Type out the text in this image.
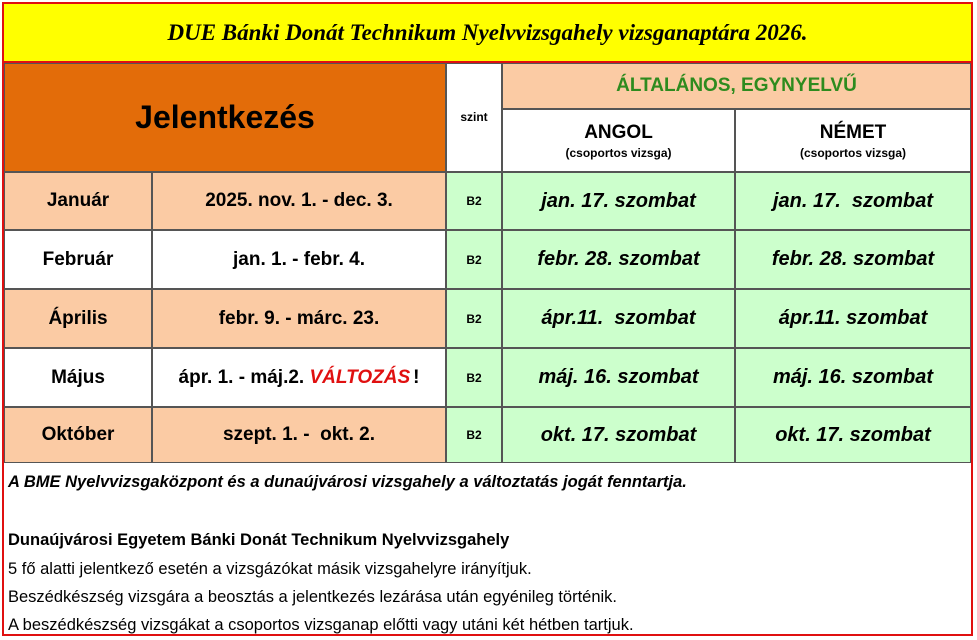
DUE Bánki Donát Technikum Nyelvvizsgahely vizsganaptára 2026.
Jelentkezés	szint
ÁLTALÁNOS, EGYNYELVŰ
ANGOL
(csoportos vizsga)
NÉMET
(csoportos vizsga)
Január	2025. nov. 1. - dec. 3.	B2	jan. 17. szombat	jan. 17.  szombat
Február	jan. 1. - febr. 4.	B2	febr. 28. szombat	febr. 28. szombat
Április	febr. 9. - márc. 23.	B2	ápr.11.  szombat	ápr.11. szombat
Május	ápr. 1. - máj.2. VÁLTOZÁS !	B2	máj. 16. szombat	máj. 16. szombat
Október	szept. 1. -  okt. 2.	B2	okt. 17. szombat	okt. 17. szombat
A BME Nyelvvizsgaközpont és a dunaújvárosi vizsgahely a változtatás jogát fenntartja.
Dunaújvárosi Egyetem Bánki Donát Technikum Nyelvvizsgahely
5 fő alatti jelentkező esetén a vizsgázókat másik vizsgahelyre irányítjuk.
Beszédkészség vizsgára a beosztás a jelentkezés lezárása után egyénileg történik.
A beszédkészség vizsgákat a csoportos vizsganap előtti vagy utáni két hétben tartjuk.
